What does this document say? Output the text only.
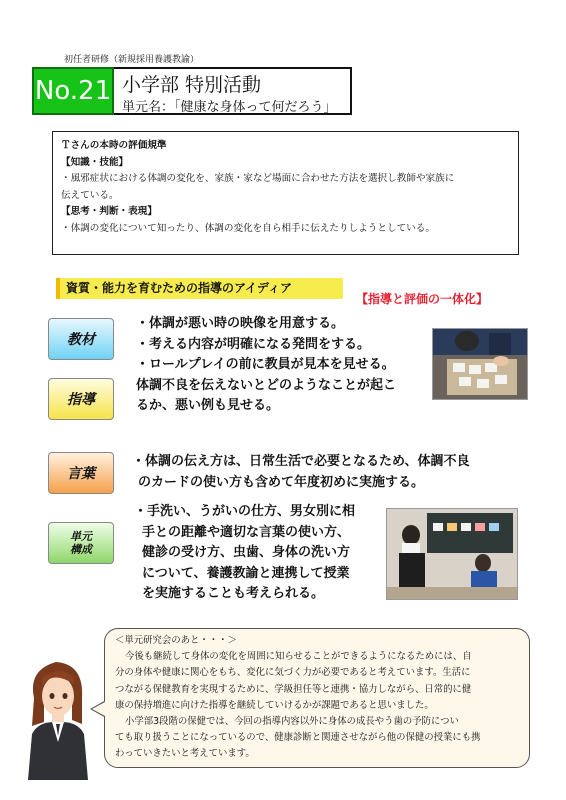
初任者研修（新規採用養護教諭）
No.21 小学部 特別活動
単元名：「健康な身体って何だろう」
Ｔさんの本時の評価規準
【知識・技能】
・風邪症状における体調の変化を、家族・家など場面に合わせた方法を選択し教師や家族に
伝えている。
【思考・判断・表現】
・体調の変化について知ったり、体調の変化を自ら相手に伝えたりしようとしている。
資質・能力を育むための指導のアイディア
【指導と評価の一体化】
教材
指導
言葉
単元
構成
・体調が悪い時の映像を用意する。
・考える内容が明確になる発問をする。
・ロールプレイの前に教員が見本を見せる。
体調不良を伝えないとどのようなことが起こ
るか、悪い例も見せる。
・体調の伝え方は、日常生活で必要となるため、体調不良
のカードの使い方も含めて年度初めに実施する。
・手洗い、うがいの仕方、男女別に相
手との距離や適切な言葉の使い方、
健診の受け方、虫歯、身体の洗い方
について、養護教諭と連携して授業
を実施することも考えられる。
＜単元研究会のあと・・・＞
今後も継続して身体の変化を周囲に知らせることができるようになるためには、自
分の身体や健康に関心をもち、変化に気づく力が必要であると考えています。生活に
つながる保健教育を実現するために、学級担任等と連携・協力しながら、日常的に健
康の保持増進に向けた指導を継続していけるかが課題であると思いました。
小学部3段階の保健では、今回の指導内容以外に身体の成長やう歯の予防につい
ても取り扱うことになっているので、健康診断と関連させながら他の保健の授業にも携
わっていきたいと考えています。
